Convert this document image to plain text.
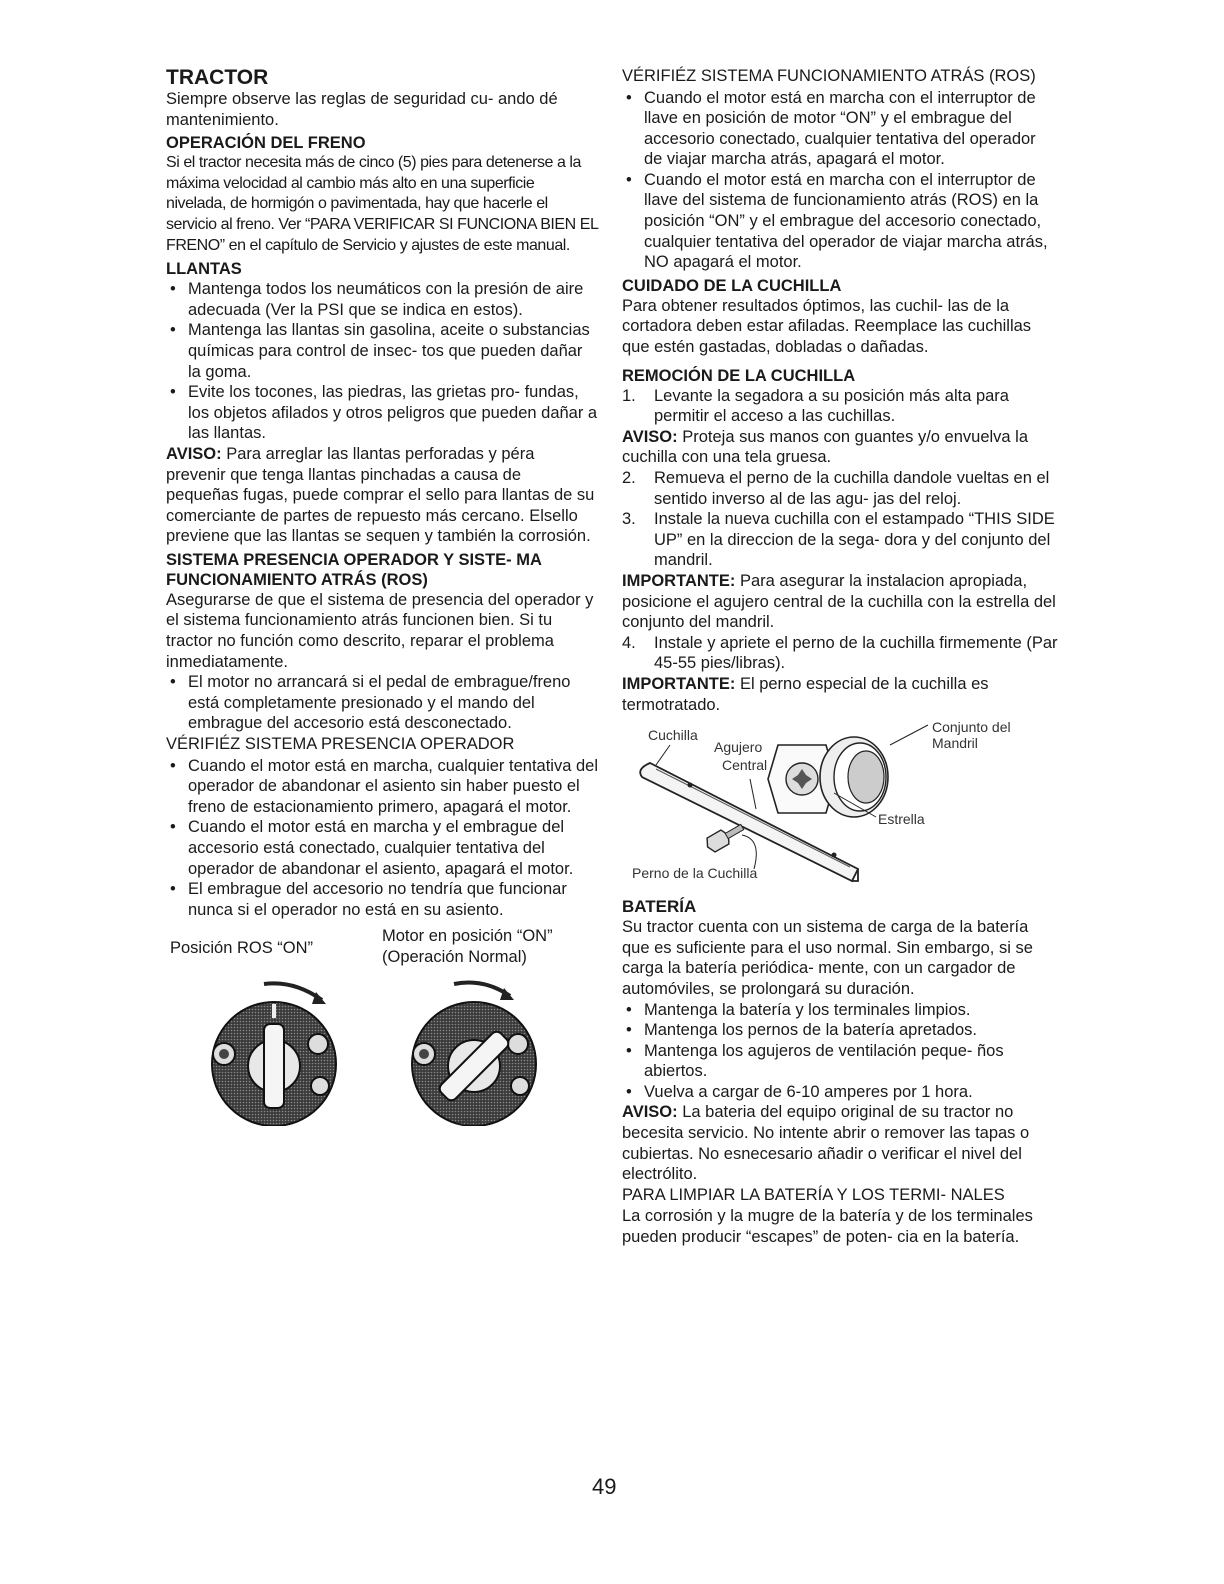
TRACTOR

Siempre observe las reglas de seguridad cu- ando dé mantenimiento.

OPERACIÓN DEL FRENO

Si el tractor necesita más de cinco (5) pies para detenerse a la máxima velocidad al cambio más alto en una superficie nivelada, de hormigón o pavimentada, hay que hacerle el servicio al freno. Ver “PARA VERIFICAR SI FUNCIONA BIEN EL FRENO” en el capítulo de Servicio y ajustes de este manual.

LLANTAS
• Mantenga todos los neumáticos con la presión de aire adecuada (Ver la PSI que se indica en estos).
• Mantenga las llantas sin gasolina, aceite o substancias químicas para control de insec- tos que pueden dañar la goma.
• Evite los tocones, las piedras, las grietas pro- fundas, los objetos afilados y otros peligros que pueden dañar a las llantas.

AVISO: Para arreglar las llantas perforadas y péra prevenir que tenga llantas pinchadas a causa de pequeñas fugas, puede comprar el sello para llantas de su comerciante de partes de repuesto más cercano. Elsello previene que las llantas se sequen y también la corrosión.

SISTEMA PRESENCIA OPERADOR Y SISTE- MA FUNCIONAMIENTO ATRÁS (ROS)

Asegurarse de que el sistema de presencia del operador y el sistema funcionamiento atrás funcionen bien. Si tu tractor no función como descrito, reparar el problema inmediatamente.

• El motor no arrancará si el pedal de embrague/freno está completamente presionado y el mando del embrague del accesorio está desconectado.

VÉRIFIÉZ SISTEMA PRESENCIA OPERADOR

• Cuando el motor está en marcha, cualquier tentativa del operador de abandonar el asiento sin haber puesto el freno de estacionamiento primero, apagará el motor.
• Cuando el motor está en marcha y el embrague del accesorio está conectado, cualquier tentativa del operador de abandonar el asiento, apagará el motor.
• El embrague del accesorio no tendría que funcionar nunca si el operador no está en su asiento.
Posición ROS “ON”
Motor en posición “ON”
(Operación Normal)
02838

VÉRIFIÉZ SISTEMA FUNCIONAMIENTO ATRÁS (ROS)

• Cuando el motor está en marcha con el interruptor de llave en posición de motor “ON” y el embrague del accesorio conectado, cualquier tentativa del operador de viajar marcha atrás, apagará el motor.
• Cuando el motor está en marcha con el interruptor de llave del sistema de funcionamiento atrás (ROS) en la posición “ON” y el embrague del accesorio conectado, cualquier tentativa del operador de viajar marcha atrás, NO apagará el motor.
CUIDADO DE LA CUCHILLA

Para obtener resultados óptimos, las cuchil- las de la cortadora deben estar afiladas. Reemplace las cuchillas que estén gastadas, dobladas o dañadas.

REMOCIÓN DE LA CUCHILLA
1. Levante la segadora a su posición más alta para permitir el acceso a las cuchillas.

AVISO: Proteja sus manos con guantes y/o envuelva la cuchilla con una tela gruesa.

2. Remueva el perno de la cuchilla dandole vueltas en el sentido inverso al de las agu- jas del reloj.
3. Instale la nueva cuchilla con el estampado “THIS SIDE UP” en la direccion de la sega- dora y del conjunto del mandril.

IMPORTANTE: Para asegurar la instalacion apropiada, posicione el agujero central de la cuchilla con la estrella del conjunto del mandril.

4. Instale y apriete el perno de la cuchilla firmemente (Par 45-55 pies/libras).

IMPORTANTE: El perno especial de la cuchilla es termotratado.

Cuchilla
Agujero
Central
Conjunto del
Mandril
Estrella
Perno de la Cuchilla
BATERÍA

Su tractor cuenta con un sistema de carga de la batería que es suficiente para el uso normal. Sin embargo, si se carga la batería periódica- mente, con un cargador de automóviles, se prolongará su duración.

• Mantenga la batería y los terminales limpios.
• Mantenga los pernos de la batería apretados.
• Mantenga los agujeros de ventilación peque- ños abiertos.
• Vuelva a cargar de 6-10 amperes por 1 hora.

AVISO: La bateria del equipo original de su tractor no becesita servicio. No intente abrir o remover las tapas o cubiertas. No esnecesario añadir o verificar el nivel del electrólito.

PARA LIMPIAR LA BATERÍA Y LOS TERMI- NALES

La corrosión y la mugre de la batería y de los terminales pueden producir “escapes” de poten- cia en la batería.

49
